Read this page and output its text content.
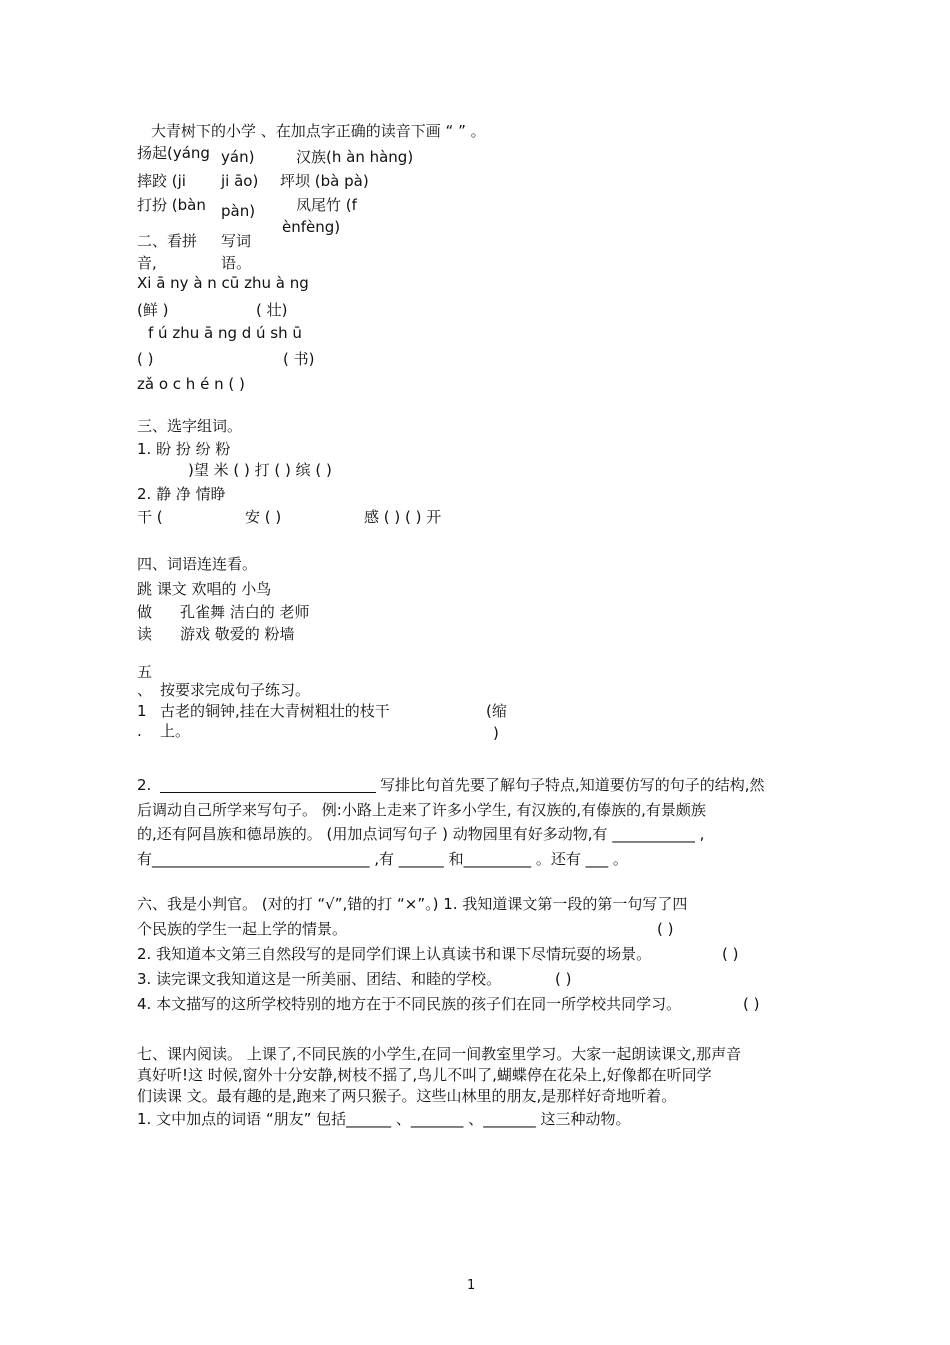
大青树下的小学 、在加点字正确的读音下画 “ ” 。
扬起(yáng yán)	汉族(h àn hàng)
摔跤 (ji ji āo) 坪坝 (bà pà)
打扮 (bàn pàn)	凤尾竹 (f
ènfèng)
二、看拼 写词
音,	语。
Xi ā ny à n cū zhu à ng
(鲜 )	( 壮)
f ú zhu ā ng d ú sh ū
( )	( 书)
zǎ o c h é n ( )
三、选字组词。
1. 盼 扮 纷 粉
)望 米 ( ) 打 ( ) 缤 ( )
2. 静 净 情睁
干 (	安 ( )	感 ( ) ( ) 开
四、词语连连看。
跳 课文 欢唱的 小鸟
做 孔雀舞 洁白的 老师
读 游戏 敬爱的 粉墙
五
、 按要求完成句子练习。
1 古老的铜钟,挂在大青树粗壮的枝干	(缩
. 上。	)
2.	写排比句首先要了解句子特点,知道要仿写的句子的结构,然
后调动自己所学来写句子。 例:小路上走来了许多小学生, 有汉族的,有傣族的,有景颇族
的,还有阿昌族和德昂族的。 (用加点词写句子 ) 动物园里有好多动物,有 ___________ ,
有_____________________________ ,有 ______ 和_________ 。还有 ___ 。
六、我是小判官。 (对的打 “√”,错的打 “×”。) 1. 我知道课文第一段的第一句写了四
个民族的学生一起上学的情景。	( )
2. 我知道本文第三自然段写的是同学们课上认真读书和课下尽情玩耍的场景。	( )
3. 读完课文我知道这是一所美丽、团结、和睦的学校。	( )
4. 本文描写的这所学校特别的地方在于不同民族的孩子们在同一所学校共同学习。	( )
七、课内阅读。 上课了,不同民族的小学生,在同一间教室里学习。大家一起朗读课文,那声音
真好听!这 时候,窗外十分安静,树枝不摇了,鸟儿不叫了,蝴蝶停在花朵上,好像都在听同学
们读课 文。最有趣的是,跑来了两只猴子。这些山林里的朋友,是那样好奇地听着。
1. 文中加点的词语 “朋友” 包括______ 、_______ 、_______ 这三种动物。
1
